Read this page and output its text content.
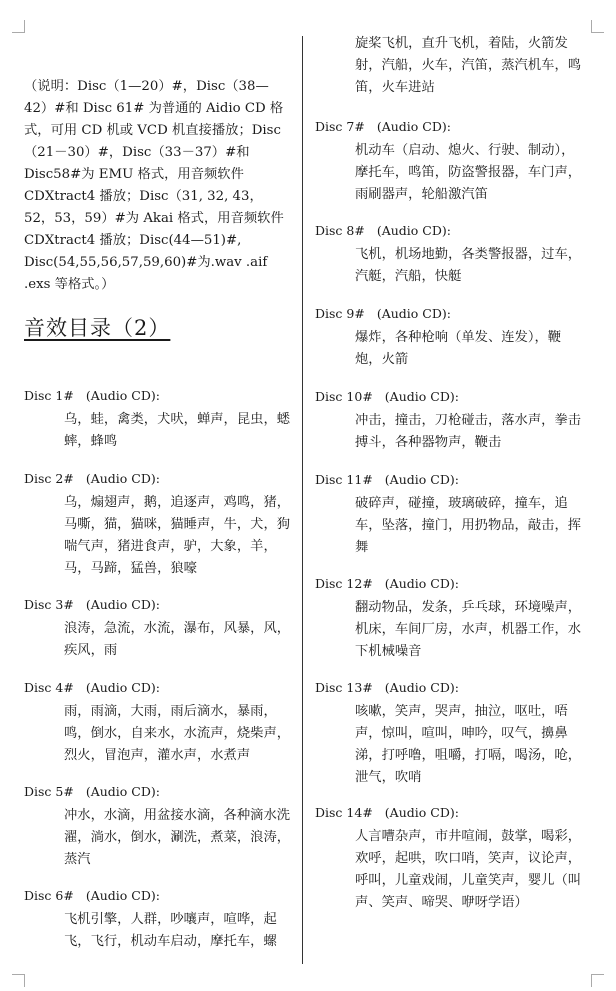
（说明：Disc（1—20）#，Disc（38—42）#和 Disc 61# 为普通的 Aidio CD 格式，可用 CD 机或 VCD 机直接播放；Disc（21－30）#，Disc（33－37）#和 Disc58#为 EMU 格式，用音频软件 CDXtract4 播放；Disc（31, 32, 43，52，53，59）#为 Akai 格式，用音频软件 CDXtract4 播放；Disc(44—51)#, Disc(54,55,56,57,59,60)#为.wav .aif .exs 等格式。）

音效目录（2）
Disc 1# (Audio CD):
乌，蛙，禽类，犬吠，蝉声，昆虫，蟋蟀，蜂鸣
Disc 2# (Audio CD):
乌，煽翅声，鹅，追逐声，鸡鸣，猪，马嘶，猫，猫咪，猫睡声，牛，犬，狗喘气声，猪进食声，驴，大象，羊，马，马蹄，猛兽，狼嚎
Disc 3# (Audio CD):
浪涛，急流，水流，瀑布，风暴，风，疾风，雨
Disc 4# (Audio CD):
雨，雨滴，大雨，雨后滴水，暴雨，鸣，倒水，自来水，水流声，烧柴声，烈火，冒泡声，灌水声，水煮声
Disc 5# (Audio CD):
冲水，水滴，用盆接水滴，各种滴水洗濯，淌水，倒水，涮洗，煮菜，浪涛，蒸汽
Disc 6# (Audio CD):
飞机引擎，人群，吵嚷声，喧哗，起飞，飞行，机动车启动，摩托车，螺

旋桨飞机，直升飞机，着陆，火箭发射，汽船，火车，汽笛，蒸汽机车，鸣笛，火车进站

Disc 7# (Audio CD):
机动车（启动、熄火、行驶、制动），摩托车，鸣笛，防盗警报器，车门声，雨刷器声，轮船激汽笛
Disc 8# (Audio CD):
飞机，机场地勤，各类警报器，过车，汽艇，汽船，快艇
Disc 9# (Audio CD):
爆炸，各种枪响（单发、连发），鞭炮，火箭
Disc 10# (Audio CD):
冲击，撞击，刀枪碰击，落水声，拳击搏斗，各种器物声，鞭击
Disc 11# (Audio CD):
破碎声，碰撞，玻璃破碎，撞车，追车，坠落，撞门，用扔物品，敲击，挥舞
Disc 12# (Audio CD):
翻动物品，发条，乒乓球，环境噪声，机床，车间厂房，水声，机器工作，水下机械噪音
Disc 13# (Audio CD):
咳嗽，笑声，哭声，抽泣，呕吐，唔声，惊叫，喧叫，呻吟，叹气，擤鼻涕，打呼噜，咀嚼，打嗝，喝汤，呛，泄气，吹哨
Disc 14# (Audio CD):
人言嘈杂声，市井喧闹，鼓掌，喝彩，欢呼，起哄，吹口哨，笑声，议论声，呼叫，儿童戏闹，儿童笑声，婴儿（叫声、笑声、啼哭、咿呀学语）
